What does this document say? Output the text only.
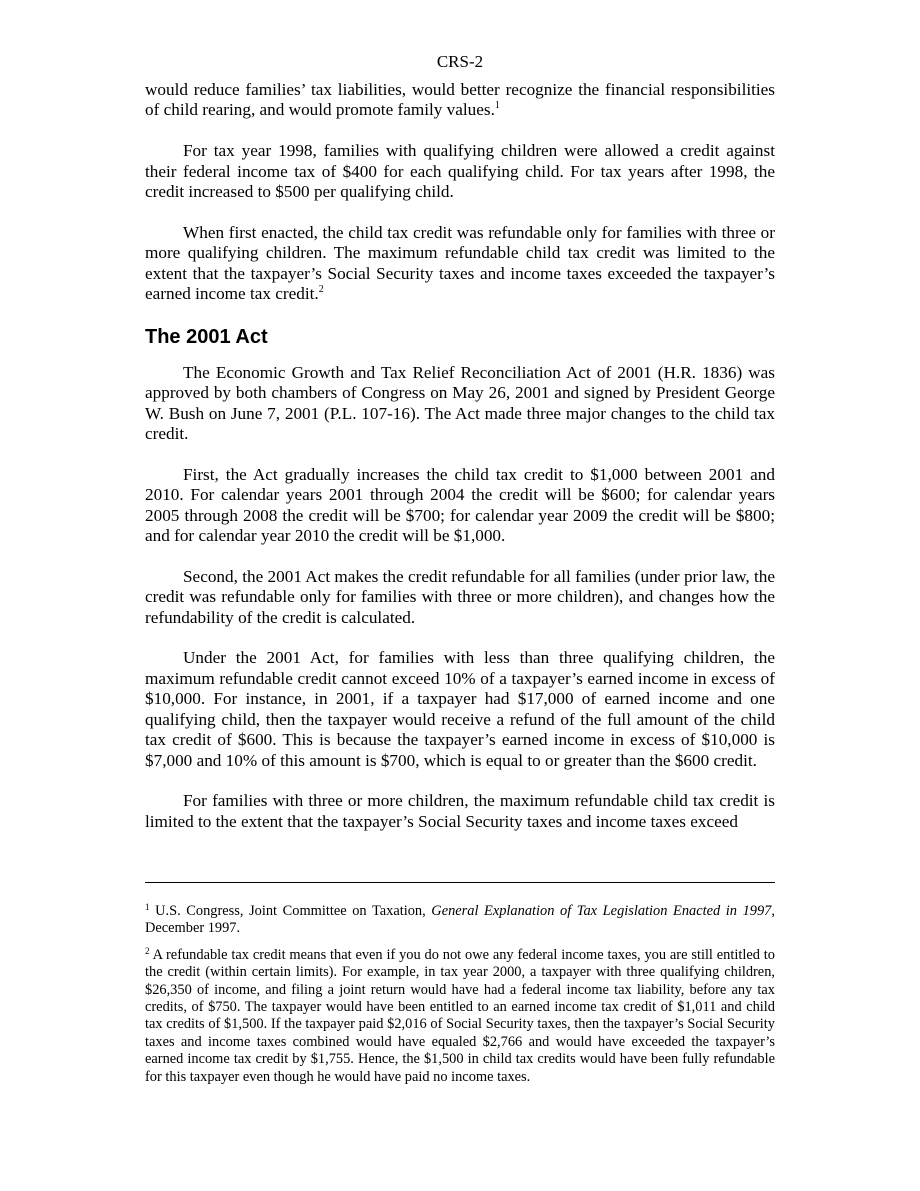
CRS-2

would reduce families’ tax liabilities, would better recognize the financial responsibilities of child rearing, and would promote family values.$^1$

For tax year 1998, families with qualifying children were allowed a credit against their federal income tax of $400 for each qualifying child. For tax years after 1998, the credit increased to $500 per qualifying child.

When first enacted, the child tax credit was refundable only for families with three or more qualifying children. The maximum refundable child tax credit was limited to the extent that the taxpayer’s Social Security taxes and income taxes exceeded the taxpayer’s earned income tax credit.$^2$

The 2001 Act

The Economic Growth and Tax Relief Reconciliation Act of 2001 (H.R. 1836) was approved by both chambers of Congress on May 26, 2001 and signed by President George W. Bush on June 7, 2001 (P.L. 107-16). The Act made three major changes to the child tax credit.

First, the Act gradually increases the child tax credit to $1,000 between 2001 and 2010. For calendar years 2001 through 2004 the credit will be $600; for calendar years 2005 through 2008 the credit will be $700; for calendar year 2009 the credit will be $800; and for calendar year 2010 the credit will be $1,000.

Second, the 2001 Act makes the credit refundable for all families (under prior law, the credit was refundable only for families with three or more children), and changes how the refundability of the credit is calculated.

Under the 2001 Act, for families with less than three qualifying children, the maximum refundable credit cannot exceed 10% of a taxpayer’s earned income in excess of $10,000. For instance, in 2001, if a taxpayer had $17,000 of earned income and one qualifying child, then the taxpayer would receive a refund of the full amount of the child tax credit of $600. This is because the taxpayer’s earned income in excess of $10,000 is $7,000 and 10% of this amount is $700, which is equal to or greater than the $600 credit.

For families with three or more children, the maximum refundable child tax credit is limited to the extent that the taxpayer’s Social Security taxes and income taxes exceed

$^1$ U.S. Congress, Joint Committee on Taxation, General Explanation of Tax Legislation Enacted in 1997, December 1997.

$^2$ A refundable tax credit means that even if you do not owe any federal income taxes, you are still entitled to the credit (within certain limits). For example, in tax year 2000, a taxpayer with three qualifying children, $26,350 of income, and filing a joint return would have had a federal income tax liability, before any tax credits, of $750. The taxpayer would have been entitled to an earned income tax credit of $1,011 and child tax credits of $1,500. If the taxpayer paid $2,016 of Social Security taxes, then the taxpayer’s Social Security taxes and income taxes combined would have equaled $2,766 and would have exceeded the taxpayer’s earned income tax credit by $1,755. Hence, the $1,500 in child tax credits would have been fully refundable for this taxpayer even though he would have paid no income taxes.
